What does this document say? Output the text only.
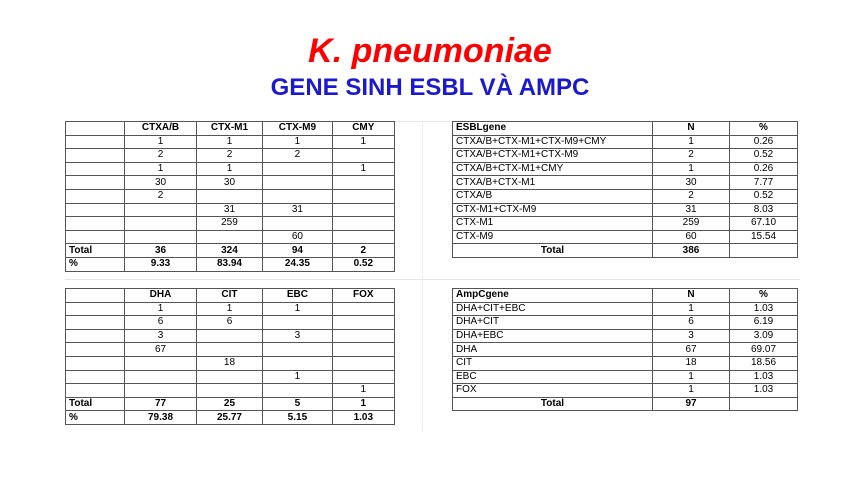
K. pneumoniae
GENE SINH ESBL VÀ AMPC
	CTXA/B	CTX-M1	CTX-M9	CMY
	1	1	1	1
	2	2	2	
	1	1		1
	30	30		
	2			
		31	31	
		259		
			60	
Total	36	324	94	2
%	9.33	83.94	24.35	0.52
ESBLgene	N	%
CTXA/B+CTX-M1+CTX-M9+CMY	1	0.26
CTXA/B+CTX-M1+CTX-M9	2	0.52
CTXA/B+CTX-M1+CMY	1	0.26
CTXA/B+CTX-M1	30	7.77
CTXA/B	2	0.52
CTX-M1+CTX-M9	31	8.03
CTX-M1	259	67.10
CTX-M9	60	15.54
Total	386	
	DHA	CIT	EBC	FOX
	1	1	1	
	6	6		
	3		3	
	67			
		18		
			1	
				1
Total	77	25	5	1
%	79.38	25.77	5.15	1.03
AmpCgene	N	%
DHA+CIT+EBC	1	1.03
DHA+CIT	6	6.19
DHA+EBC	3	3.09
DHA	67	69.07
CIT	18	18.56
EBC	1	1.03
FOX	1	1.03
Total	97	
